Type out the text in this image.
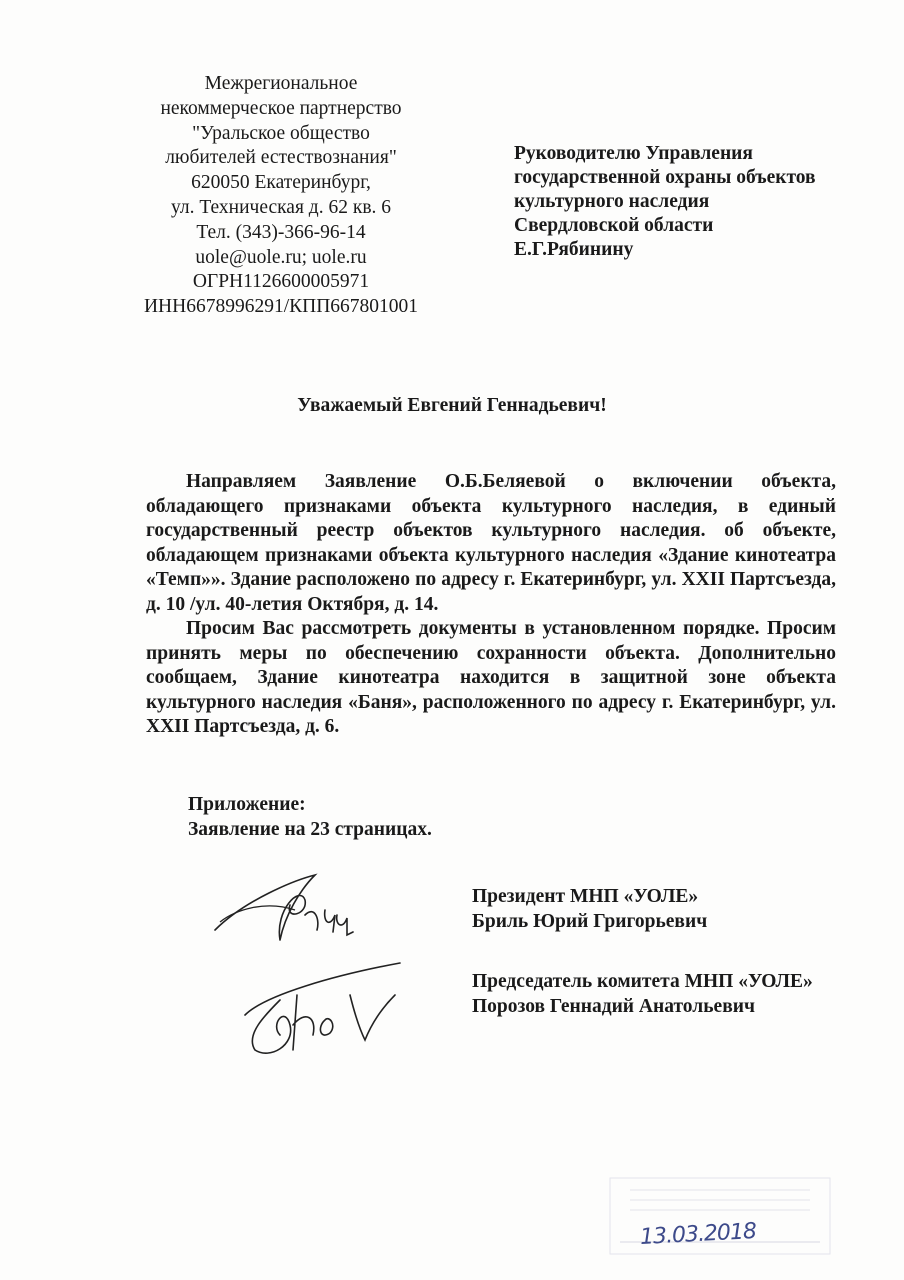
Межрегиональное
некоммерческое партнерство
"Уральское общество
любителей естествознания"
620050 Екатеринбург,
ул. Техническая д. 62 кв. 6
Тел. (343)-366-96-14
uole@uole.ru; uole.ru
ОГРН1126600005971
ИНН6678996291/КПП667801001
Руководителю Управления
государственной охраны объектов
культурного наследия
Свердловской области
Е.Г.Рябинину
Уважаемый Евгений Геннадьевич!

Направляем Заявление О.Б.Беляевой о включении объекта, обладающего признаками объекта культурного наследия, в единый государственный реестр объектов культурного наследия. об объекте, обладающем признаками объекта культурного наследия «Здание кинотеатра «Темп»». Здание расположено по адресу г. Екатеринбург, ул. XXII Партсъезда, д. 10 /ул. 40-летия Октября, д. 14.

Просим Вас рассмотреть документы в установленном порядке. Просим принять меры по обеспечению сохранности объекта. Дополнительно сообщаем, Здание кинотеатра находится в защитной зоне объекта культурного наследия «Баня», расположенного по адресу г. Екатеринбург, ул. XXII Партсъезда, д. 6.

Приложение:
Заявление на 23 страницах.
Президент МНП «УОЛЕ»
Бриль Юрий Григорьевич
Председатель комитета МНП «УОЛЕ»
Порозов Геннадий Анатольевич
13.03.2018
